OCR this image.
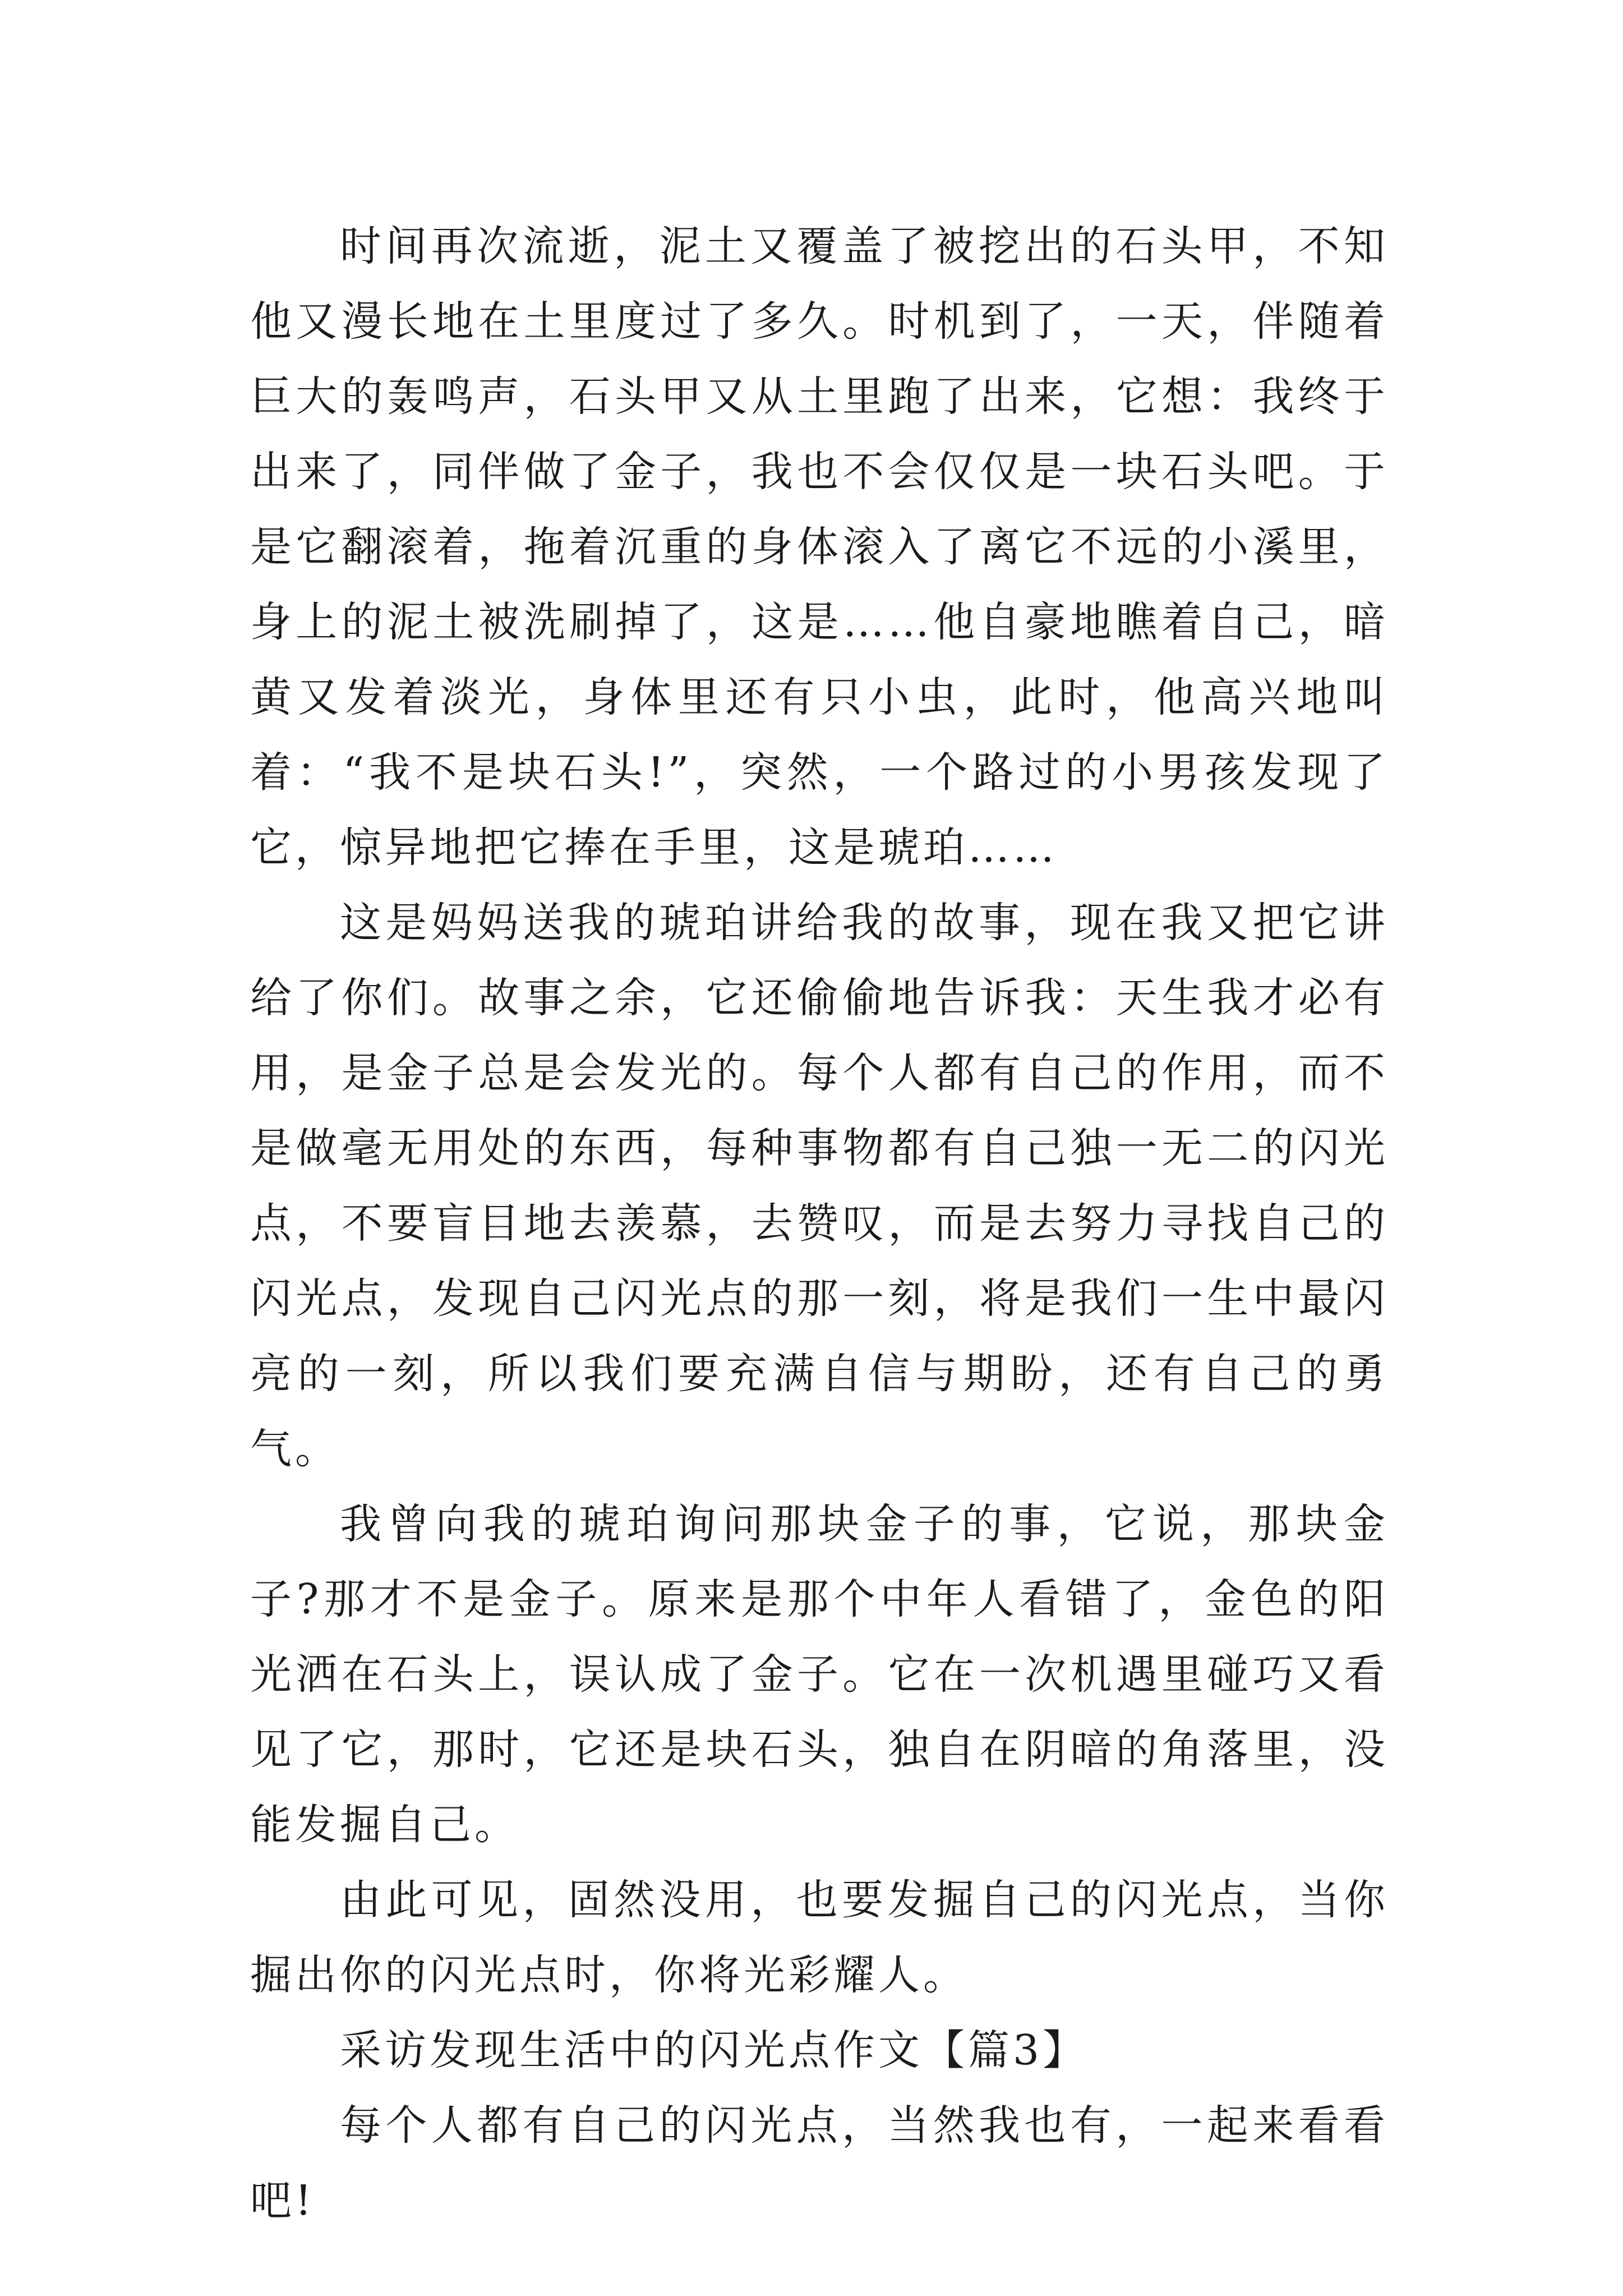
时间再次流逝，泥土又覆盖了被挖出的石头甲，不知他又漫长地在土里度过了多久。时机到了，一天，伴随着巨大的轰鸣声，石头甲又从土里跑了出来，它想：我终于出来了，同伴做了金子，我也不会仅仅是一块石头吧。于是它翻滚着，拖着沉重的身体滚入了离它不远的小溪里，身上的泥土被洗刷掉了，这是……他自豪地瞧着自己，暗黄又发着淡光，身体里还有只小虫，此时，他高兴地叫着：“我不是块石头!”，突然，一个路过的小男孩发现了它，惊异地把它捧在手里，这是琥珀……

这是妈妈送我的琥珀讲给我的故事，现在我又把它讲给了你们。故事之余，它还偷偷地告诉我：天生我才必有用，是金子总是会发光的。每个人都有自己的作用，而不是做毫无用处的东西，每种事物都有自己独一无二的闪光点，不要盲目地去羡慕，去赞叹，而是去努力寻找自己的闪光点，发现自己闪光点的那一刻，将是我们一生中最闪亮的一刻，所以我们要充满自信与期盼，还有自己的勇气。

我曾向我的琥珀询问那块金子的事，它说，那块金子?那才不是金子。原来是那个中年人看错了，金色的阳光洒在石头上，误认成了金子。它在一次机遇里碰巧又看见了它，那时，它还是块石头，独自在阴暗的角落里，没能发掘自己。

由此可见，固然没用，也要发掘自己的闪光点，当你掘出你的闪光点时，你将光彩耀人。

采访发现生活中的闪光点作文【篇3】

每个人都有自己的闪光点，当然我也有，一起来看看吧!
